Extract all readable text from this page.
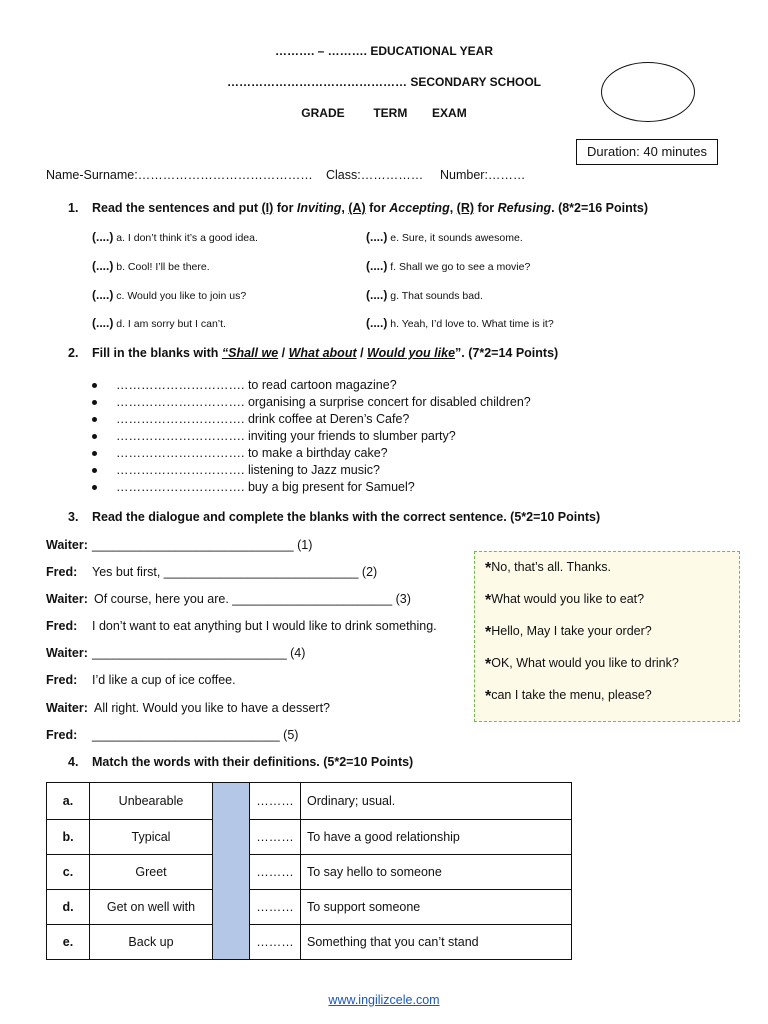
………. – ………. EDUCATIONAL YEAR
……………………………………… SECONDARY SCHOOL
GRADE TERM EXAM
Duration: 40 minutes
Name-Surname:…………………………………… Class:…………… Number:………
1. Read the sentences and put (I) for Inviting, (A) for Accepting, (R) for Refusing. (8*2=16 Points)
(....) a. I don’t think it’s a good idea.
(....) b. Cool! I’ll be there.
(....) c. Would you like to join us?
(....) d. I am sorry but I can’t.
(....) e. Sure, it sounds awesome.
(....) f. Shall we go to see a movie?
(....) g. That sounds bad.
(....) h. Yeah, I’d love to. What time is it?
2. Fill in the blanks with “Shall we / What about / Would you like”. (7*2=14 Points)
…………………………. to read cartoon magazine?
…………………………. organising a surprise concert for disabled children?
…………………………. drink coffee at Deren’s Cafe?
…………………………. inviting your friends to slumber party?
…………………………. to make a birthday cake?
…………………………. listening to Jazz music?
…………………………. buy a big present for Samuel?
3. Read the dialogue and complete the blanks with the correct sentence. (5*2=10 Points)
Waiter: _____________________________ (1)
Fred: Yes but first, ____________________________ (2)
Waiter: Of course, here you are. _______________________ (3)
Fred: I don’t want to eat anything but I would like to drink something.
Waiter: ____________________________ (4)
Fred: I’d like a cup of ice coffee.
Waiter: All right. Would you like to have a dessert?
Fred: ___________________________ (5)
*No, that’s all. Thanks.
*What would you like to eat?
*Hello, May I take your order?
*OK, What would you like to drink?
*can I take the menu, please?
4. Match the words with their definitions. (5*2=10 Points)
a.	Unbearable		………	Ordinary; usual.
b.	Typical		………	To have a good relationship
c.	Greet		………	To say hello to someone
d.	Get on well with		………	To support someone
e.	Back up		………	Something that you can’t stand
www.ingilizcele.com
